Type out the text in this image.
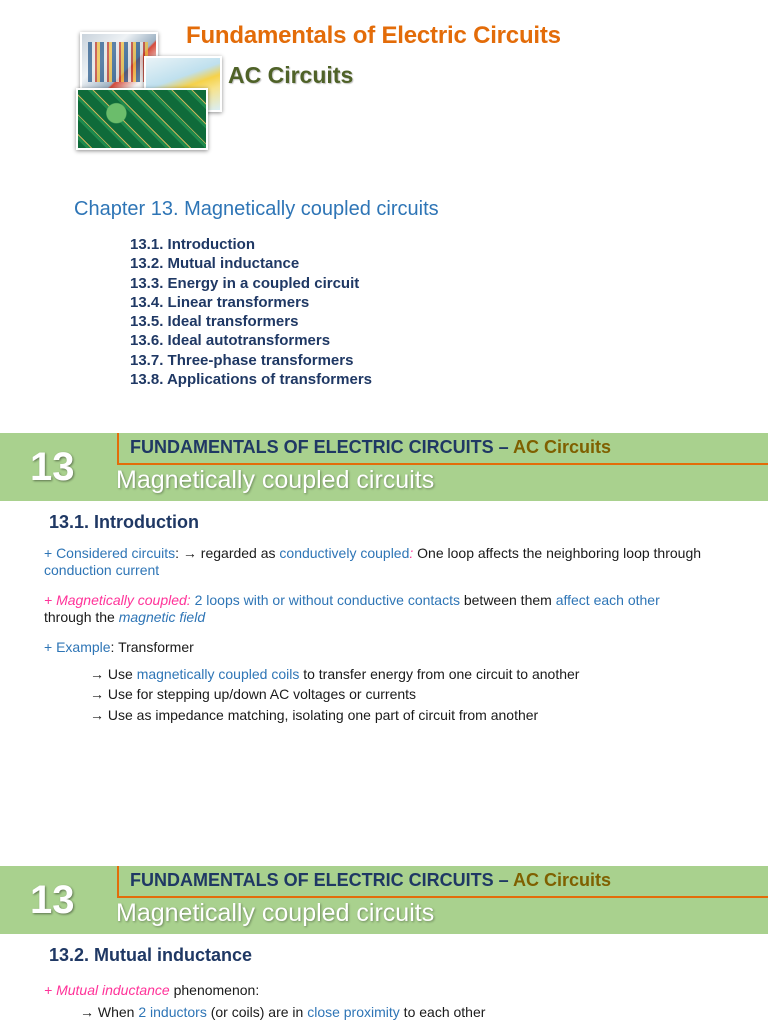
Fundamentals of Electric Circuits
AC Circuits
Chapter 13. Magnetically coupled circuits
13.1. Introduction
13.2. Mutual inductance
13.3. Energy in a coupled circuit
13.4. Linear transformers
13.5. Ideal transformers
13.6. Ideal autotransformers
13.7. Three-phase transformers
13.8. Applications of transformers
13	FUNDAMENTALS OF ELECTRIC CIRCUITS – AC Circuits
Magnetically coupled circuits
13.1. Introduction
+ Considered circuits: → regarded as conductively coupled: One loop affects the neighboring loop through
conduction current
+ Magnetically coupled: 2 loops with or without conductive contacts between them affect each other
through the magnetic field
+ Example: Transformer
→ Use magnetically coupled coils to transfer energy from one circuit to another
→ Use for stepping up/down AC voltages or currents
→ Use as impedance matching, isolating one part of circuit from another
13	FUNDAMENTALS OF ELECTRIC CIRCUITS – AC Circuits
Magnetically coupled circuits
13.2. Mutual inductance
+ Mutual inductance phenomenon:
→ When 2 inductors (or coils) are in close proximity to each other
